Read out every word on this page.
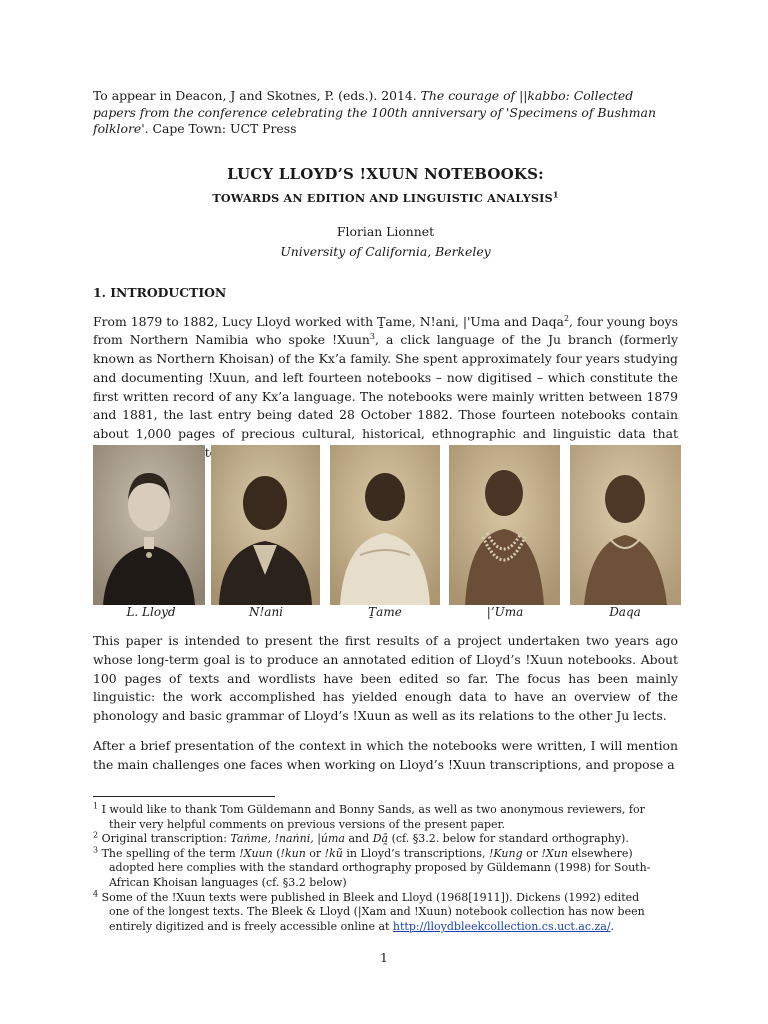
To appear in Deacon, J and Skotnes, P. (eds.). 2014. The courage of ||kabbo: Collected papers from the conference celebrating the 100th anniversary of 'Specimens of Bushman folklore'. Cape Town: UCT Press

LUCY LLOYD’S !XUUN NOTEBOOKS:

TOWARDS AN EDITION AND LINGUISTIC ANALYSIS$^1$

Florian Lionnet

University of California, Berkeley

1. INTRODUCTION

From 1879 to 1882, Lucy Lloyd worked with Ṯame, N!ani, |'Uma and Daqa$^2$, four young boys from Northern Namibia who spoke !Xuun$^3$, a click language of the Ju branch (formerly known as Northern Khoisan) of the Kx’a family. She spent approximately four years studying and documenting !Xuun, and left fourteen notebooks – now digitised – which constitute the first written record of any Kx’a language. The notebooks were mainly written between 1879 and 1881, the last entry being dated 28 October 1882. Those fourteen notebooks contain about 1,000 pages of precious cultural, historical, ethnographic and linguistic data that edited

L. Lloyd	N!ani	Ṯame	|’Uma	Daqa

This paper is intended to present the first results of a project undertaken two years ago whose long-term goal is to produce an annotated edition of Lloyd’s !Xuun notebooks. About 100 pages of texts and wordlists have been edited so far. The focus has been mainly linguistic: the work accomplished has yielded enough data to have an overview of the phonology and basic grammar of Lloyd’s !Xuun as well as its relations to the other Ju lects.

After a brief presentation of the context in which the notebooks were written, I will mention the main challenges one faces when working on Lloyd’s !Xuun transcriptions, and propose a

$^1$ I would like to thank Tom Güldemann and Bonny Sands, as well as two anonymous reviewers, for
their very helpful comments on previous versions of the present paper.

$^2$ Original transcription: Taṅme, !naṅni, |úma and Dā̰ (cf. §3.2. below for standard orthography).

$^3$ The spelling of the term !Xuun (!kun or !kũ in Lloyd’s transcriptions, !Kung or !Xun elsewhere)
adopted here complies with the standard orthography proposed by Güldemann (1998) for South-
African Khoisan languages (cf. §3.2 below)

$^4$ Some of the !Xuun texts were published in Bleek and Lloyd (1968[1911]). Dickens (1992) edited
one of the longest texts. The Bleek & Lloyd (|Xam and !Xuun) notebook collection has now been
entirely digitized and is freely accessible online at http://lloydbleekcollection.cs.uct.ac.za/.

1
